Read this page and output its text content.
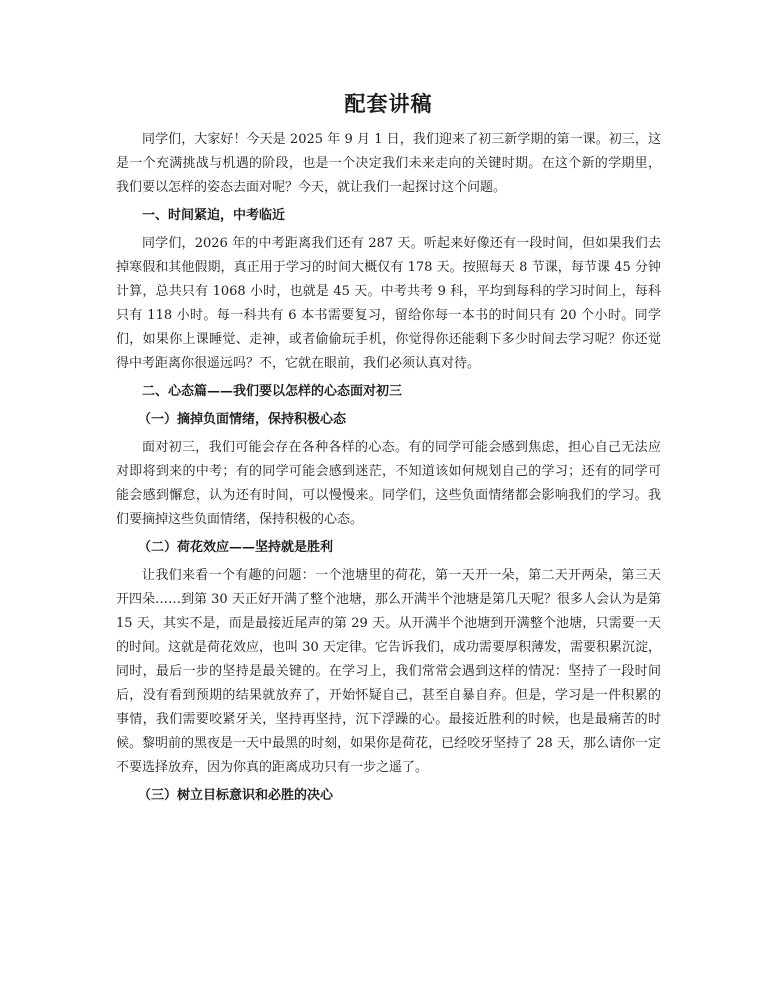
配套讲稿

同学们，大家好！今天是 2025 年 9 月 1 日，我们迎来了初三新学期的第一课。初三，这是一个充满挑战与机遇的阶段，也是一个决定我们未来走向的关键时期。在这个新的学期里，我们要以怎样的姿态去面对呢？今天，就让我们一起探讨这个问题。

一、时间紧迫，中考临近

同学们，2026 年的中考距离我们还有 287 天。听起来好像还有一段时间，但如果我们去掉寒假和其他假期，真正用于学习的时间大概仅有 178 天。按照每天 8 节课，每节课 45 分钟计算，总共只有 1068 小时，也就是 45 天。中考共考 9 科，平均到每科的学习时间上，每科只有 118 小时。每一科共有 6 本书需要复习，留给你每一本书的时间只有 20 个小时。同学们，如果你上课睡觉、走神，或者偷偷玩手机，你觉得你还能剩下多少时间去学习呢？你还觉得中考距离你很遥远吗？不，它就在眼前，我们必须认真对待。

二、心态篇——我们要以怎样的心态面对初三

（一）摘掉负面情绪，保持积极心态

面对初三，我们可能会存在各种各样的心态。有的同学可能会感到焦虑，担心自己无法应对即将到来的中考；有的同学可能会感到迷茫，不知道该如何规划自己的学习；还有的同学可能会感到懈怠，认为还有时间，可以慢慢来。同学们，这些负面情绪都会影响我们的学习。我们要摘掉这些负面情绪，保持积极的心态。

（二）荷花效应——坚持就是胜利

让我们来看一个有趣的问题：一个池塘里的荷花，第一天开一朵，第二天开两朵，第三天开四朵……到第 30 天正好开满了整个池塘，那么开满半个池塘是第几天呢？很多人会认为是第 15 天，其实不是，而是最接近尾声的第 29 天。从开满半个池塘到开满整个池塘，只需要一天的时间。这就是荷花效应，也叫 30 天定律。它告诉我们，成功需要厚积薄发，需要积累沉淀，同时，最后一步的坚持是最关键的。在学习上，我们常常会遇到这样的情况：坚持了一段时间后，没有看到预期的结果就放弃了，开始怀疑自己，甚至自暴自弃。但是，学习是一件积累的事情，我们需要咬紧牙关，坚持再坚持，沉下浮躁的心。最接近胜利的时候，也是最痛苦的时候。黎明前的黑夜是一天中最黑的时刻，如果你是荷花，已经咬牙坚持了 28 天，那么请你一定不要选择放弃，因为你真的距离成功只有一步之遥了。

（三）树立目标意识和必胜的决心
